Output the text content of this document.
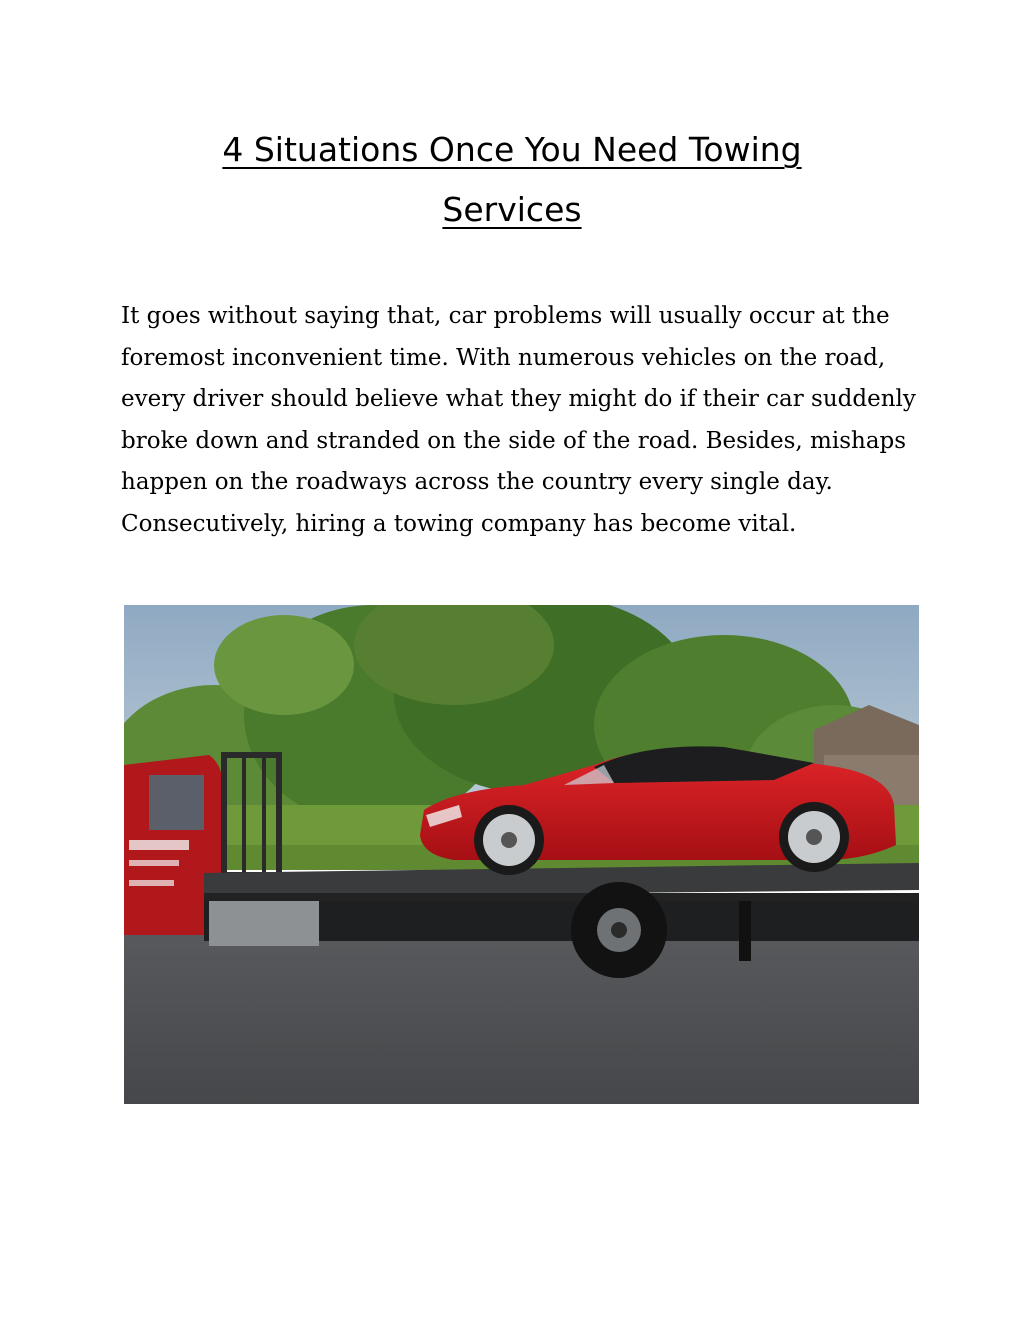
4 Situations Once You Need Towing
Services

It goes without saying that, car problems will usually occur at the foremost inconvenient time. With numerous vehicles on the road, every driver should believe what they might do if their car suddenly broke down and stranded on the side of the road. Besides, mishaps happen on the roadways across the country every single day. Consecutively, hiring a towing company has become vital.
